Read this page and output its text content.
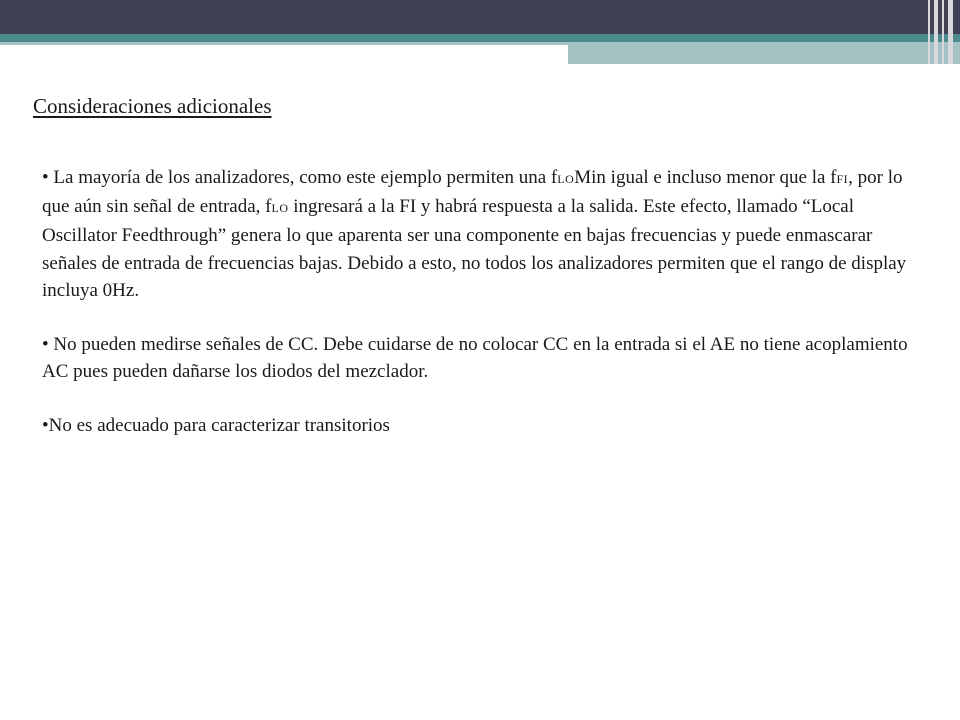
Consideraciones adicionales

• La mayoría de los analizadores, como este ejemplo permiten una fLOMin igual e incluso menor que la fFI, por lo que aún sin señal de entrada, fLO ingresará a la FI y habrá respuesta a la salida. Este efecto, llamado “Local Oscillator Feedthrough” genera lo que aparenta ser una componente en bajas frecuencias y puede enmascarar señales de entrada de frecuencias bajas. Debido a esto, no todos los analizadores permiten que el rango de display incluya 0Hz.

• No pueden medirse señales de CC. Debe cuidarse de no colocar CC en la entrada si el AE no tiene acoplamiento AC pues pueden dañarse los diodos del mezclador.

•No es adecuado para caracterizar transitorios
